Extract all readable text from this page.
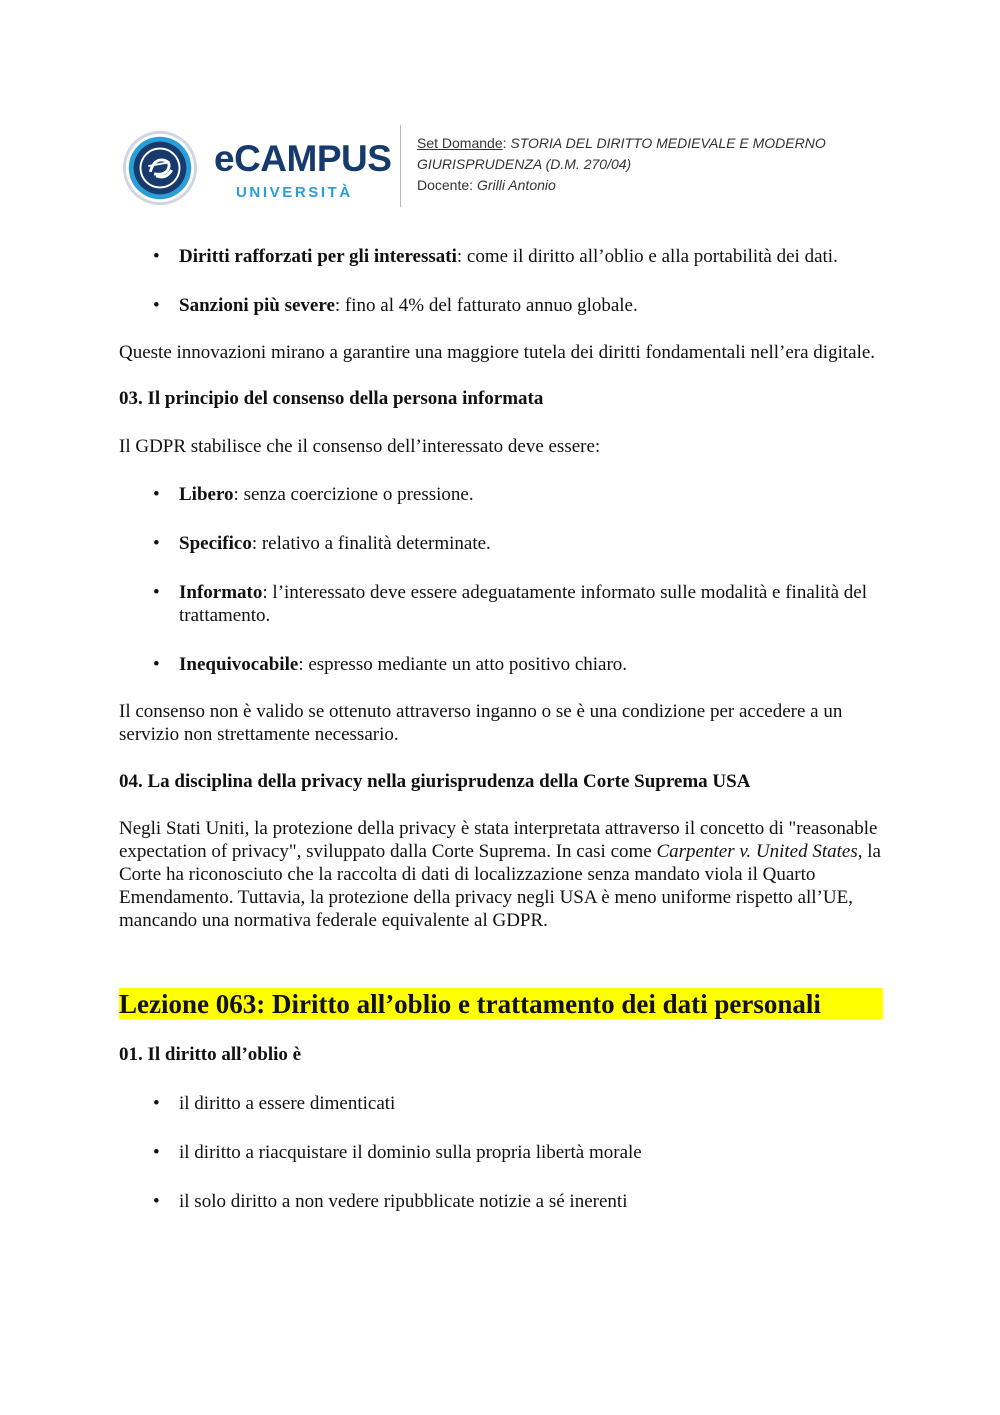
eCAMPUS
UNIVERSITÀ
Set Domande: STORIA DEL DIRITTO MEDIEVALE E MODERNO
GIURISPRUDENZA (D.M. 270/04)
Docente: Grilli Antonio
• Diritti rafforzati per gli interessati: come il diritto all’oblio e alla portabilità dei dati.
• Sanzioni più severe: fino al 4% del fatturato annuo globale.

Queste innovazioni mirano a garantire una maggiore tutela dei diritti fondamentali nell’era digitale.

03. Il principio del consenso della persona informata

Il GDPR stabilisce che il consenso dell’interessato deve essere:

• Libero: senza coercizione o pressione.
• Specifico: relativo a finalità determinate.
• Informato: l’interessato deve essere adeguatamente informato sulle modalità e finalità del trattamento.
• Inequivocabile: espresso mediante un atto positivo chiaro.

Il consenso non è valido se ottenuto attraverso inganno o se è una condizione per accedere a un servizio non strettamente necessario.

04. La disciplina della privacy nella giurisprudenza della Corte Suprema USA

Negli Stati Uniti, la protezione della privacy è stata interpretata attraverso il concetto di "reasonable expectation of privacy", sviluppato dalla Corte Suprema. In casi come Carpenter v. United States, la Corte ha riconosciuto che la raccolta di dati di localizzazione senza mandato viola il Quarto Emendamento. Tuttavia, la protezione della privacy negli USA è meno uniforme rispetto all’UE, mancando una normativa federale equivalente al GDPR.

Lezione 063: Diritto all’oblio e trattamento dei dati personali

01. Il diritto all’oblio è

• il diritto a essere dimenticati
• il diritto a riacquistare il dominio sulla propria libertà morale
• il solo diritto a non vedere ripubblicate notizie a sé inerenti
